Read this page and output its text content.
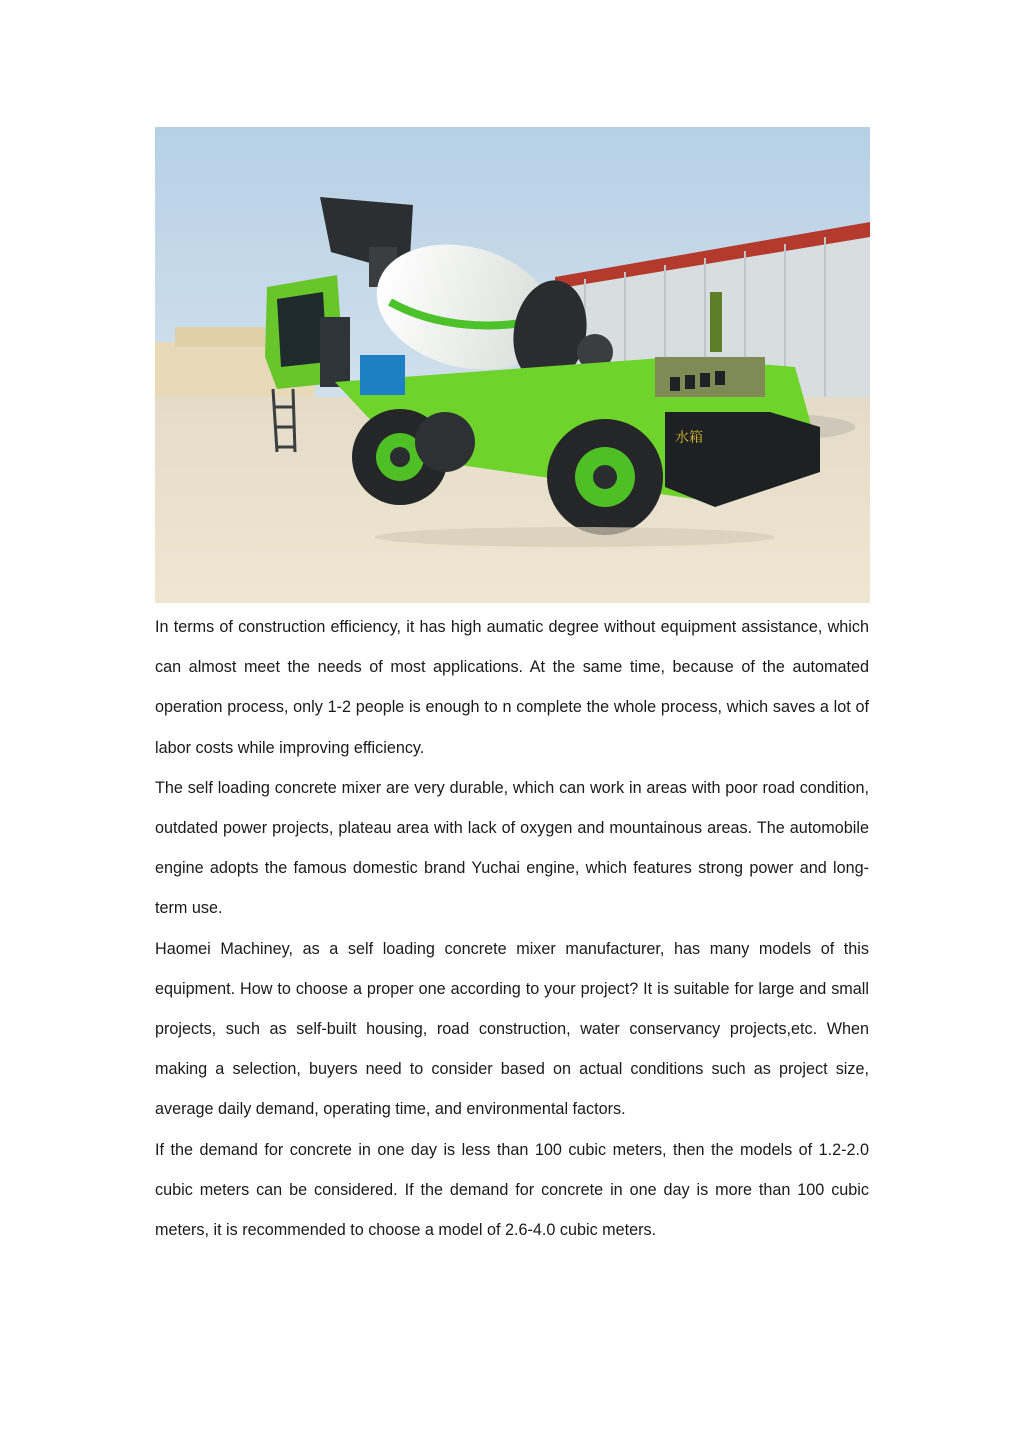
水箱

In terms of construction efficiency, it has high aumatic degree without equipment assistance, which can almost meet the needs of most applications. At the same time, because of the automated operation process, only 1-2 people is enough to n complete the whole process, which saves a lot of labor costs while improving efficiency.

The self loading concrete mixer are very durable, which can work in areas with poor road condition, outdated power projects, plateau area with lack of oxygen and mountainous areas. The automobile engine adopts the famous domestic brand Yuchai engine, which features strong power and long-term use.

Haomei Machiney, as a self loading concrete mixer manufacturer, has many models of this equipment. How to choose a proper one according to your project? It is suitable for large and small projects, such as self-built housing, road construction, water conservancy projects,etc. When making a selection, buyers need to consider based on actual conditions such as project size, average daily demand, operating time, and environmental factors.

If the demand for concrete in one day is less than 100 cubic meters, then the models of 1.2-2.0 cubic meters can be considered. If the demand for concrete in one day is more than 100 cubic meters, it is recommended to choose a model of 2.6-4.0 cubic meters.
